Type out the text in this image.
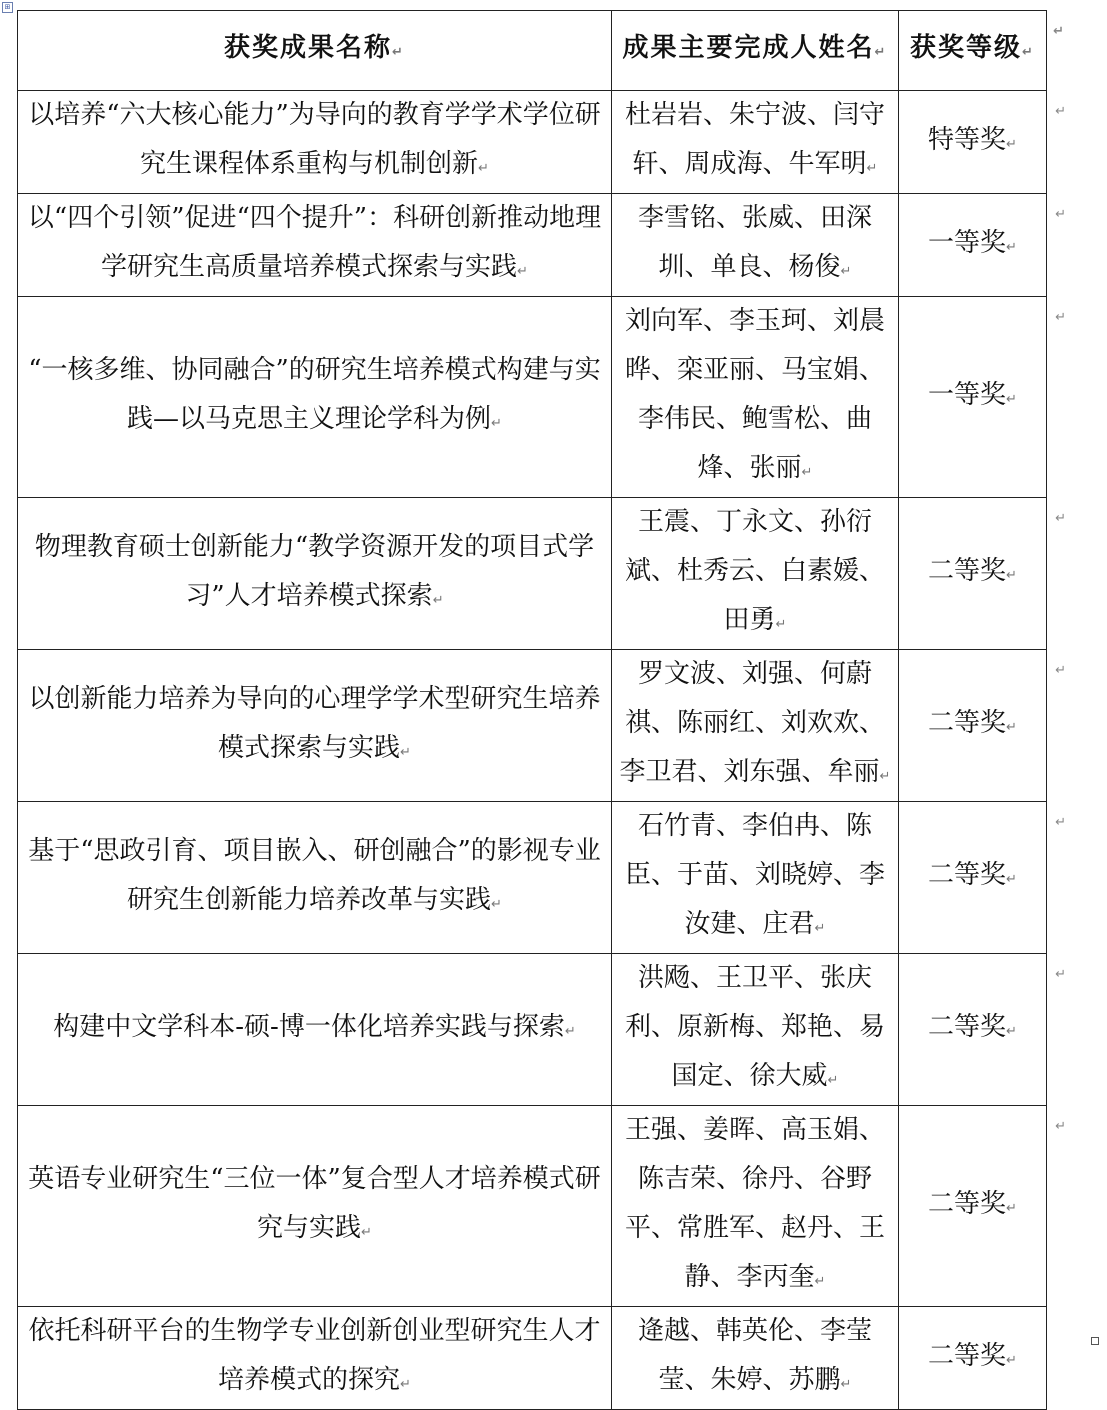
⊞
获奖成果名称↵	成果主要完成人姓名↵	获奖等级↵
↵

以培养“六大核心能力”为导向的教育学学术学位研究生课程体系重构与机制创新↵	杜岩岩、朱宁波、闫守轩、周成海、牛军明↵	特等奖↵
↵

以“四个引领”促进“四个提升”：科研创新推动地理学研究生高质量培养模式探索与实践↵	李雪铭、张威、田深圳、单良、杨俊↵	一等奖↵
↵

“一核多维、协同融合”的研究生培养模式构建与实践—以马克思主义理论学科为例↵	刘向军、李玉珂、刘晨晔、栾亚丽、马宝娟、李伟民、鲍雪松、曲烽、张丽↵	一等奖↵
↵

物理教育硕士创新能力“教学资源开发的项目式学习”人才培养模式探索↵	王震、丁永文、孙衍斌、杜秀云、白素媛、田勇↵	二等奖↵
↵

以创新能力培养为导向的心理学学术型研究生培养模式探索与实践↵	罗文波、刘强、何蔚祺、陈丽红、刘欢欢、李卫君、刘东强、牟丽↵	二等奖↵
↵

基于“思政引育、项目嵌入、研创融合”的影视专业研究生创新能力培养改革与实践↵	石竹青、李伯冉、陈臣、于苗、刘晓婷、李汝建、庄君↵	二等奖↵
↵

构建中文学科本-硕-博一体化培养实践与探索↵	洪飏、王卫平、张庆利、原新梅、郑艳、易国定、徐大威↵	二等奖↵
↵

英语专业研究生“三位一体”复合型人才培养模式研究与实践↵	王强、姜晖、高玉娟、陈吉荣、徐丹、谷野平、常胜军、赵丹、王静、李丙奎↵	二等奖↵
↵

依托科研平台的生物学专业创新创业型研究生人才培养模式的探究↵	逄越、韩英伦、李莹莹、朱婷、苏鹏↵	二等奖↵
